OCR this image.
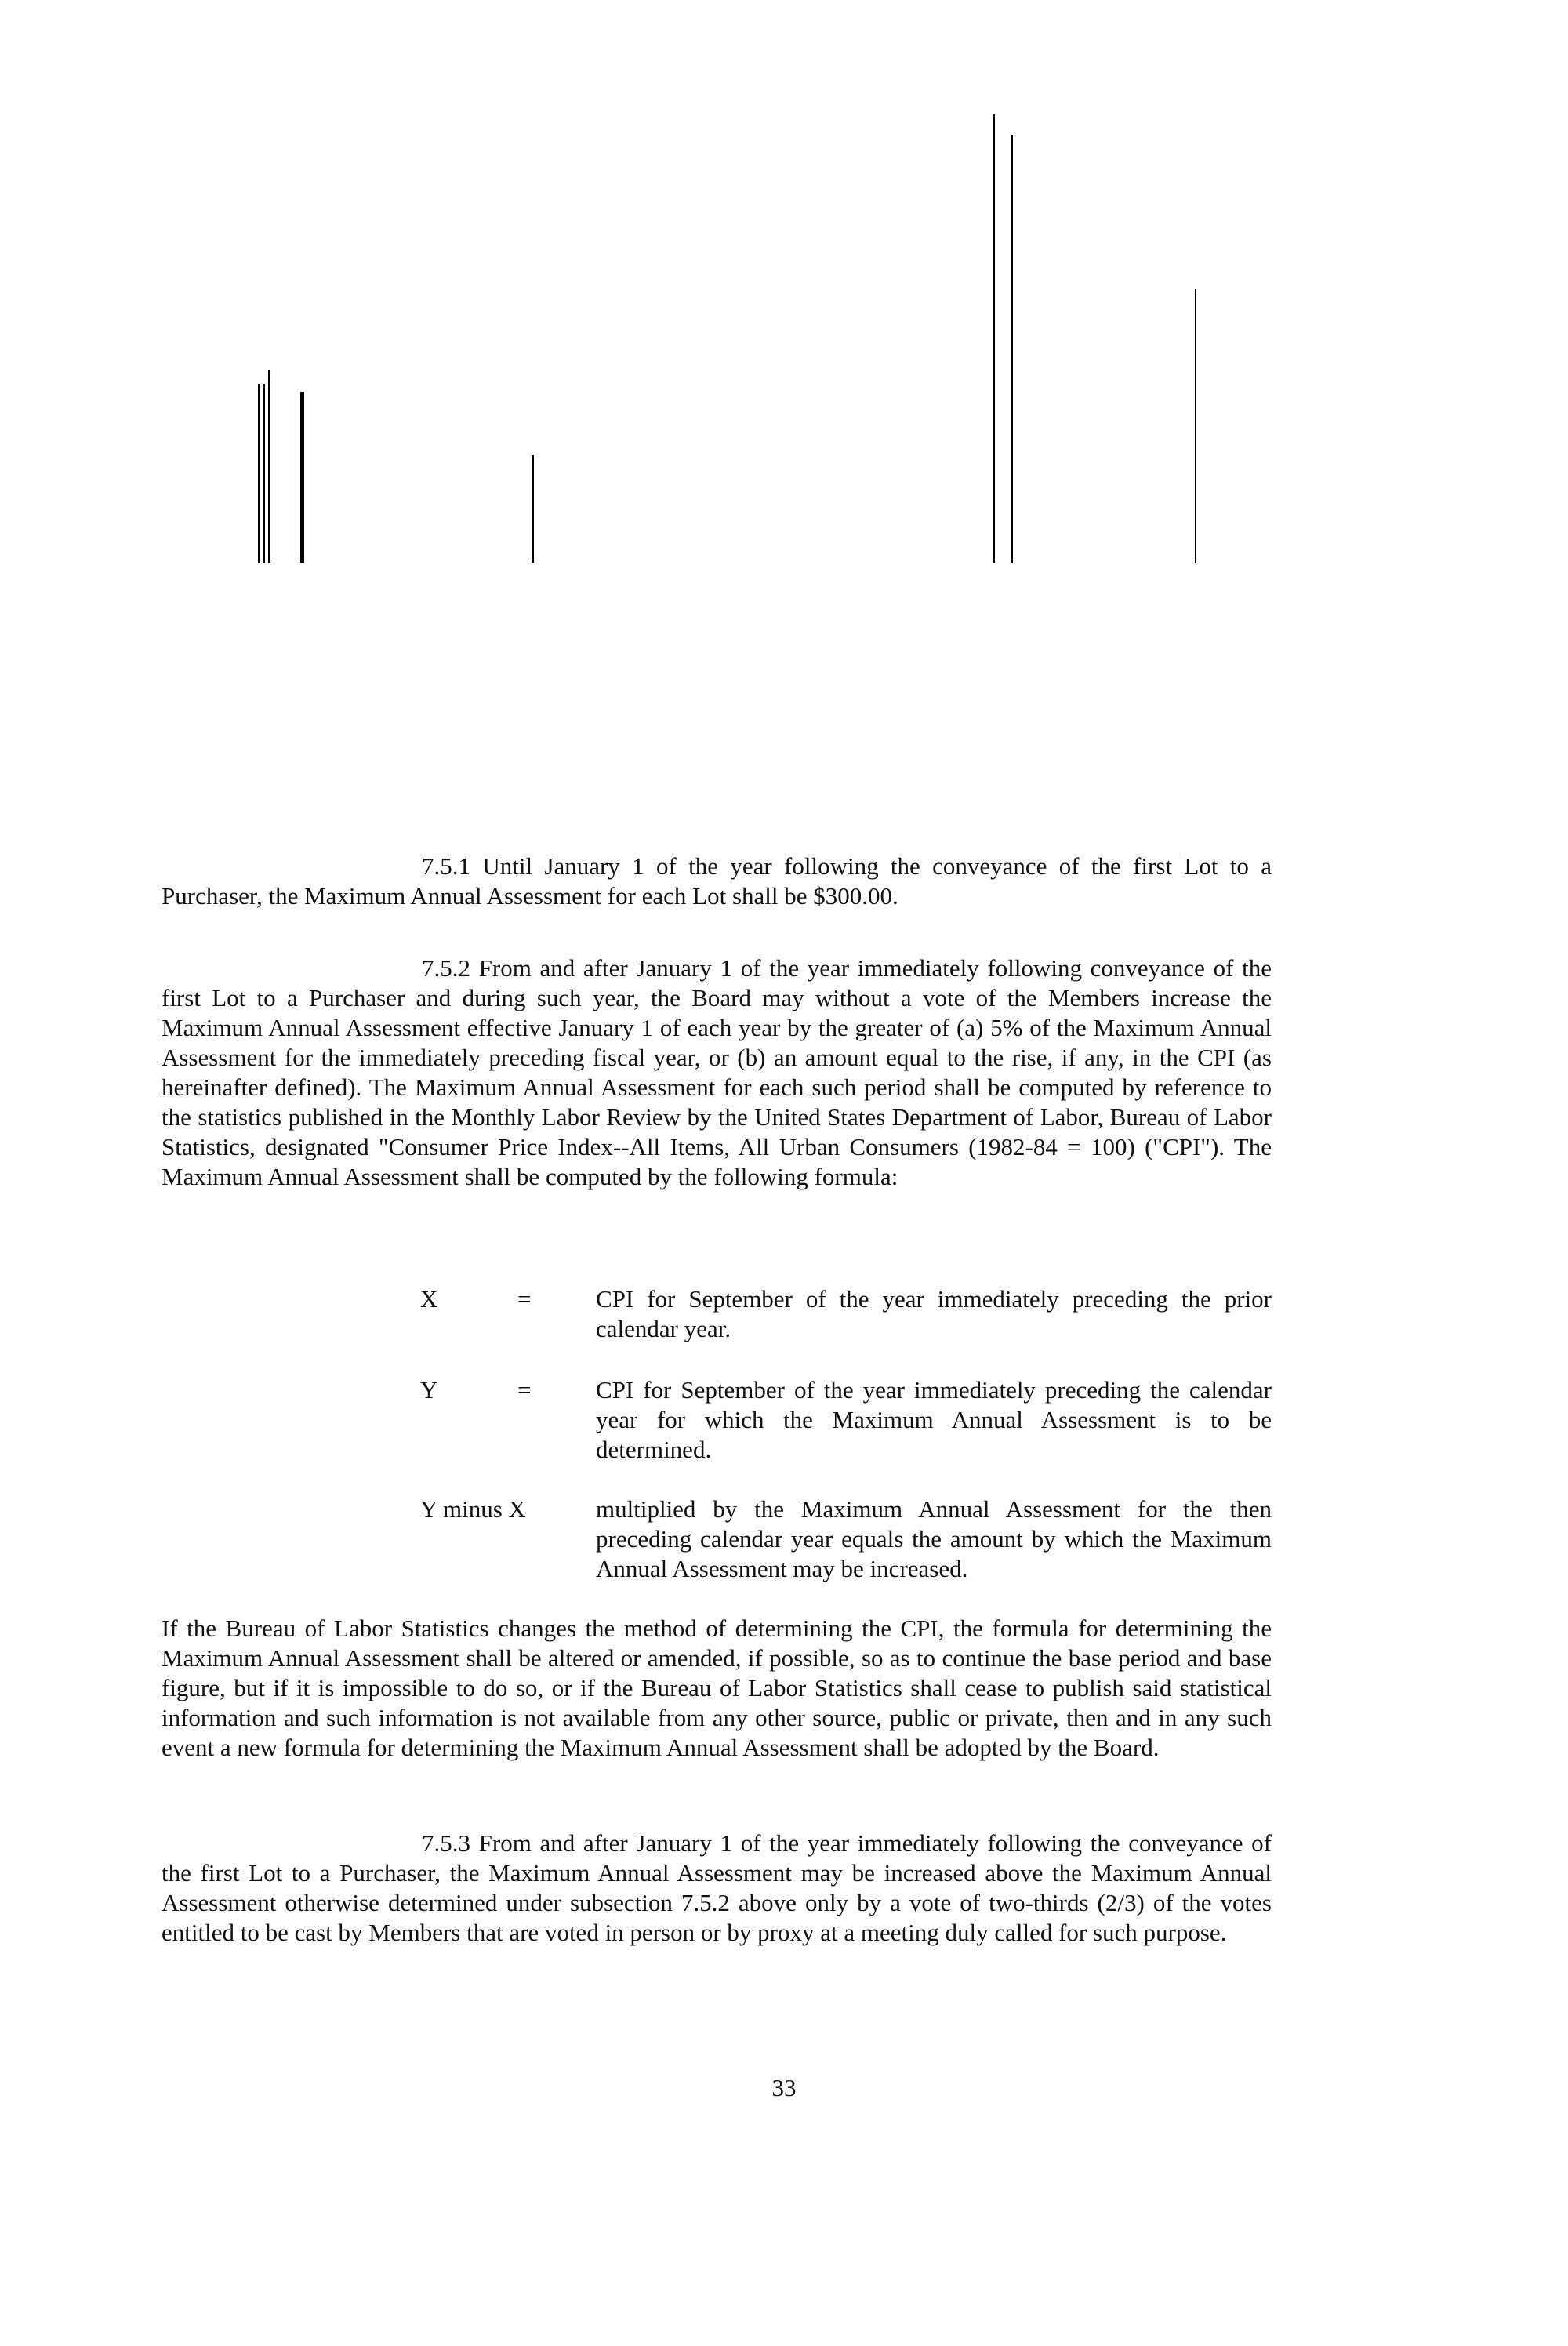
7.5.1 Until January 1 of the year following the conveyance of the first Lot to a Purchaser, the Maximum Annual Assessment for each Lot shall be $300.00.

7.5.2 From and after January 1 of the year immediately following conveyance of the first Lot to a Purchaser and during such year, the Board may without a vote of the Members increase the Maximum Annual Assessment effective January 1 of each year by the greater of (a) 5% of the Maximum Annual Assessment for the immediately preceding fiscal year, or (b) an amount equal to the rise, if any, in the CPI (as hereinafter defined). The Maximum Annual Assessment for each such period shall be computed by reference to the statistics published in the Monthly Labor Review by the United States Department of Labor, Bureau of Labor Statistics, designated "Consumer Price Index--All Items, All Urban Consumers (1982-84 = 100) ("CPI"). The Maximum Annual Assessment shall be computed by the following formula:

X	=	CPI for September of the year immediately preceding the prior calendar year.
Y	=	CPI for September of the year immediately preceding the calendar year for which the Maximum Annual Assessment is to be determined.
Y minus X	multiplied by the Maximum Annual Assessment for the then preceding calendar year equals the amount by which the Maximum Annual Assessment may be increased.

If the Bureau of Labor Statistics changes the method of determining the CPI, the formula for determining the Maximum Annual Assessment shall be altered or amended, if possible, so as to continue the base period and base figure, but if it is impossible to do so, or if the Bureau of Labor Statistics shall cease to publish said statistical information and such information is not available from any other source, public or private, then and in any such event a new formula for determining the Maximum Annual Assessment shall be adopted by the Board.

7.5.3 From and after January 1 of the year immediately following the conveyance of the first Lot to a Purchaser, the Maximum Annual Assessment may be increased above the Maximum Annual Assessment otherwise determined under subsection 7.5.2 above only by a vote of two-thirds (2/3) of the votes entitled to be cast by Members that are voted in person or by proxy at a meeting duly called for such purpose.

33
